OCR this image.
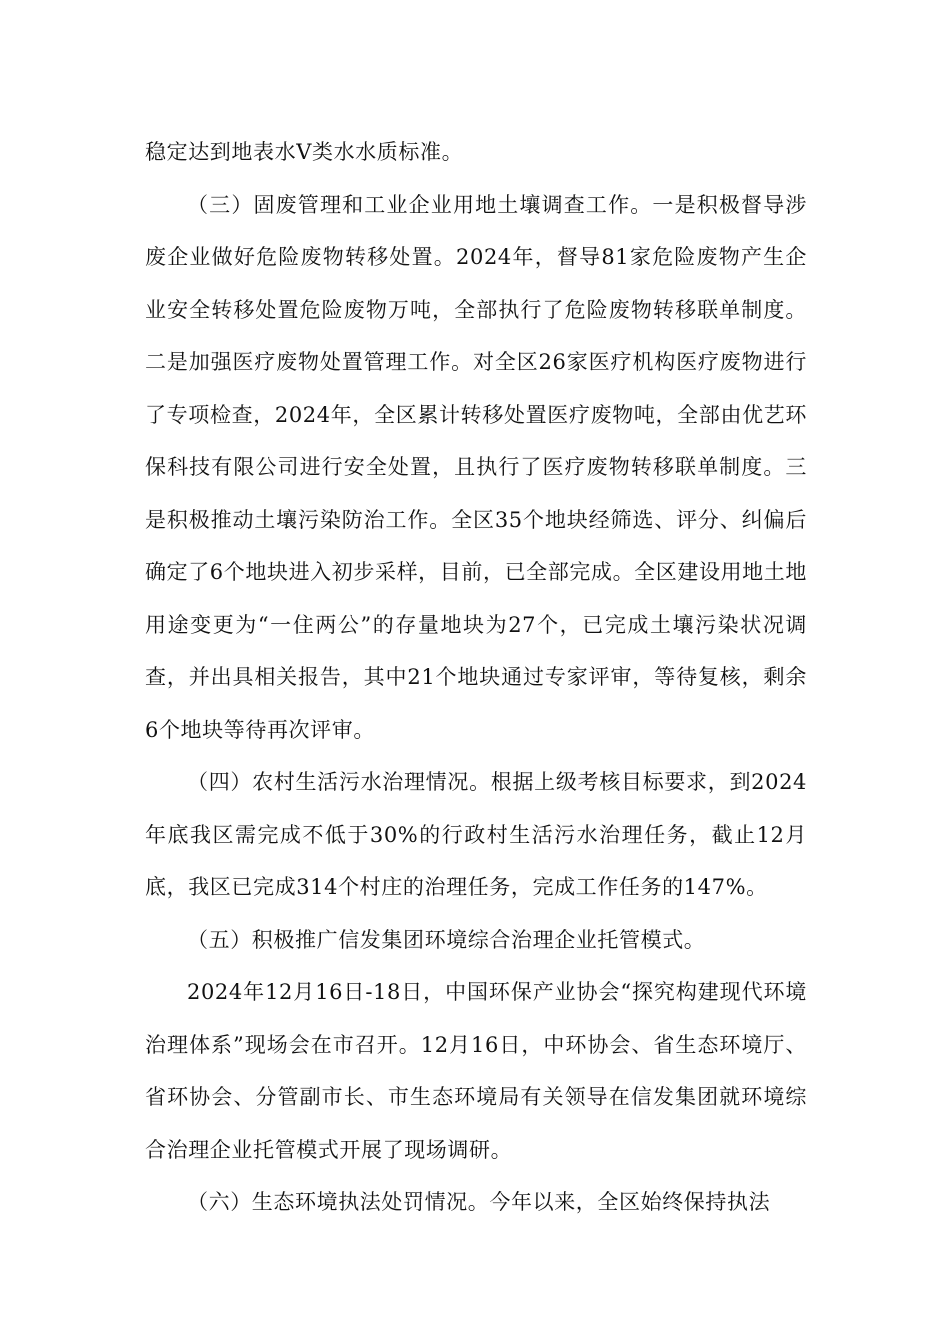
稳定达到地表水Ⅴ类水水质标准。

（三）固废管理和工业企业用地土壤调查工作。一是积极督导涉废企业做好危险废物转移处置。2024年，督导81家危险废物产生企业安全转移处置危险废物万吨，全部执行了危险废物转移联单制度。二是加强医疗废物处置管理工作。对全区26家医疗机构医疗废物进行了专项检查，2024年，全区累计转移处置医疗废物吨，全部由优艺环保科技有限公司进行安全处置，且执行了医疗废物转移联单制度。三是积极推动土壤污染防治工作。全区35个地块经筛选、评分、纠偏后确定了6个地块进入初步采样，目前，已全部完成。全区建设用地土地用途变更为“一住两公”的存量地块为27个，已完成土壤污染状况调查，并出具相关报告，其中21个地块通过专家评审，等待复核，剩余6个地块等待再次评审。

（四）农村生活污水治理情况。根据上级考核目标要求，到2024年底我区需完成不低于30%的行政村生活污水治理任务，截止12月底，我区已完成314个村庄的治理任务，完成工作任务的147%。

（五）积极推广信发集团环境综合治理企业托管模式。

2024年12月16日-18日，中国环保产业协会“探究构建现代环境治理体系”现场会在市召开。12月16日，中环协会、省生态环境厅、省环协会、分管副市长、市生态环境局有关领导在信发集团就环境综合治理企业托管模式开展了现场调研。

（六）生态环境执法处罚情况。今年以来，全区始终保持执法
